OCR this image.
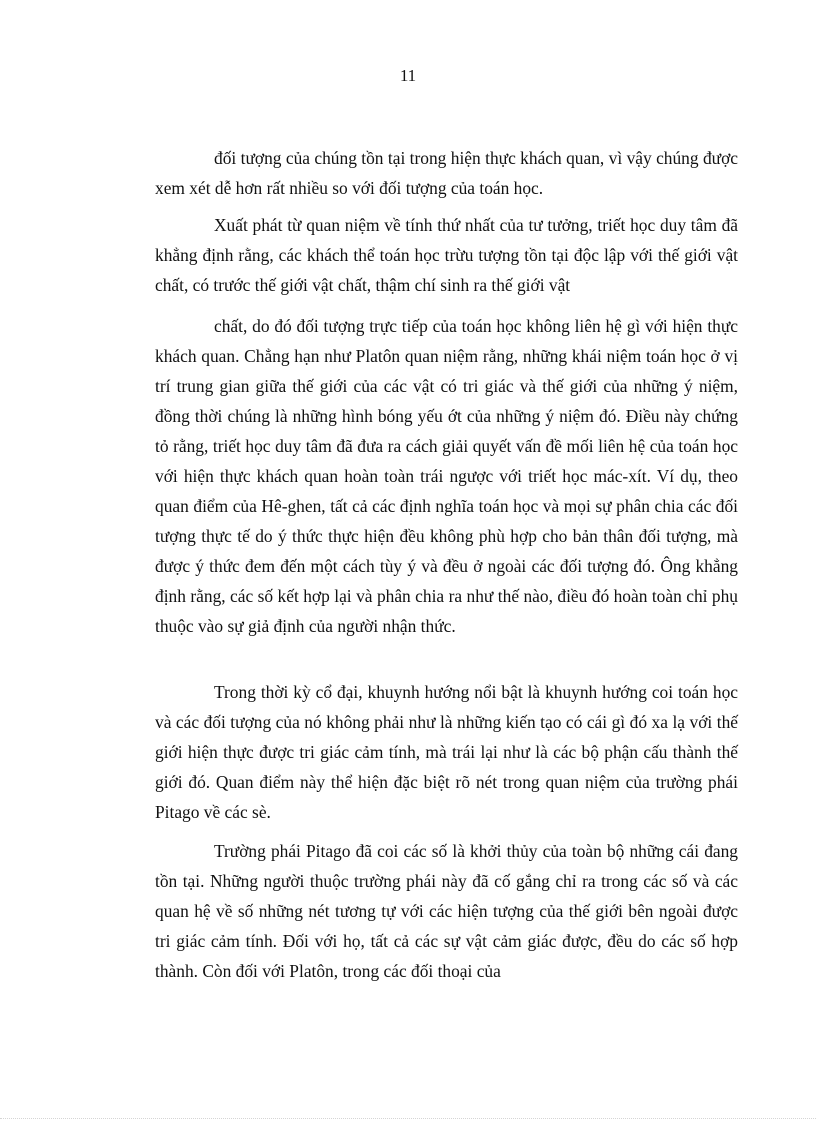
11

đối tượng của chúng tồn tại trong hiện thực khách quan, vì vậy chúng được xem xét dễ hơn rất nhiều so với đối tượng của toán học.

Xuất phát từ quan niệm về tính thứ nhất của tư tưởng, triết học duy tâm đã khẳng định rằng, các khách thể toán học trừu tượng tồn tại độc lập với thế giới vật chất, có trước thế giới vật chất, thậm chí sinh ra thế giới vật

chất, do đó đối tượng trực tiếp của toán học không liên hệ gì với hiện thực khách quan. Chẳng hạn như Platôn quan niệm rằng, những khái niệm toán học ở vị trí trung gian giữa thế giới của các vật có tri giác và thế giới của những ý niệm, đồng thời chúng là những hình bóng yếu ớt của những ý niệm đó. Điều này chứng tỏ rằng, triết học duy tâm đã đưa ra cách giải quyết vấn đề mối liên hệ của toán học với hiện thực khách quan hoàn toàn trái ngược với triết học mác-xít. Ví dụ, theo quan điểm của Hê-ghen, tất cả các định nghĩa toán học và mọi sự phân chia các đối tượng thực tế do ý thức thực hiện đều không phù hợp cho bản thân đối tượng, mà được ý thức đem đến một cách tùy ý và đều ở ngoài các đối tượng đó. Ông khẳng định rằng, các số kết hợp lại và phân chia ra như thế nào, điều đó hoàn toàn chỉ phụ thuộc vào sự giả định của người nhận thức.

Trong thời kỳ cổ đại, khuynh hướng nổi bật là khuynh hướng coi toán học và các đối tượng của nó không phải như là những kiến tạo có cái gì đó xa lạ với thế giới hiện thực được tri giác cảm tính, mà trái lại như là các bộ phận cấu thành thế giới đó. Quan điểm này thể hiện đặc biệt rõ nét trong quan niệm của trường phái Pitago về các sè.

Trường phái Pitago đã coi các số là khởi thủy của toàn bộ những cái đang tồn tại. Những người thuộc trường phái này đã cố gắng chỉ ra trong các số và các quan hệ về số những nét tương tự với các hiện tượng của thế giới bên ngoài được tri giác cảm tính. Đối với họ, tất cả các sự vật cảm giác được, đều do các số hợp thành. Còn đối với Platôn, trong các đối thoại của
